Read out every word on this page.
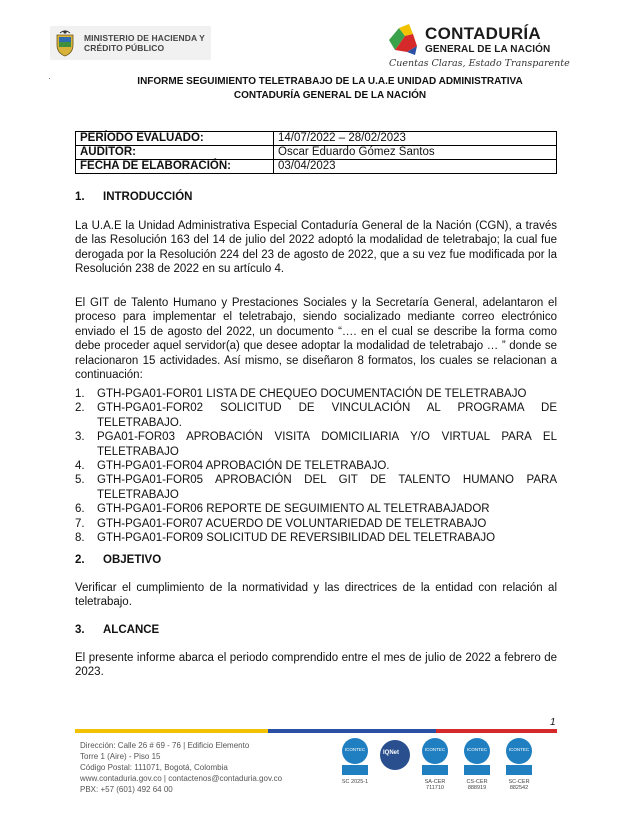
MINISTERIO DE HACIENDA Y
CRÉDITO PÚBLICO
CONTADURÍA
GENERAL DE LA NACIÓN
Cuentas Claras, Estado Transparente
·	INFORME SEGUIMIENTO TELETRABAJO DE LA U.A.E UNIDAD ADMINISTRATIVA
CONTADURÍA GENERAL DE LA NACIÓN
PERÍODO EVALUADO:	14/07/2022 – 28/02/2023
AUDITOR:	Oscar Eduardo Gómez Santos
FECHA DE ELABORACIÓN:	03/04/2023
1.	INTRODUCCIÓN

La U.A.E la Unidad Administrativa Especial Contaduría General de la Nación (CGN), a través de las Resolución 163 del 14 de julio del 2022 adoptó la modalidad de teletrabajo; la cual fue derogada por la Resolución 224 del 23 de agosto de 2022, que a su vez fue modificada por la Resolución 238 de 2022 en su artículo 4.

El GIT de Talento Humano y Prestaciones Sociales y la Secretaría General, adelantaron el proceso para implementar el teletrabajo, siendo socializado mediante correo electrónico enviado el 15 de agosto del 2022, un documento “…. en el cual se describe la forma como debe proceder aquel servidor(a) que desee adoptar la modalidad de teletrabajo … ” donde se relacionaron 15 actividades. Así mismo, se diseñaron 8 formatos, los cuales se relacionan a continuación:

1.	GTH-PGA01-FOR01 LISTA DE CHEQUEO DOCUMENTACIÓN DE TELETRABAJO
2.	GTH-PGA01-FOR02 SOLICITUD DE VINCULACIÓN AL PROGRAMA DE TELETRABAJO.
3.	PGA01-FOR03 APROBACIÓN VISITA DOMICILIARIA Y/O VIRTUAL PARA EL TELETRABAJO
4.	GTH-PGA01-FOR04 APROBACIÓN DE TELETRABAJO.
5.	GTH-PGA01-FOR05 APROBACIÓN DEL GIT DE TALENTO HUMANO PARA TELETRABAJO
6.	GTH-PGA01-FOR06 REPORTE DE SEGUIMIENTO AL TELETRABAJADOR
7.	GTH-PGA01-FOR07 ACUERDO DE VOLUNTARIEDAD DE TELETRABAJO
8.	GTH-PGA01-FOR09 SOLICITUD DE REVERSIBILIDAD DEL TELETRABAJO
2.	OBJETIVO

Verificar el cumplimiento de la normatividad y las directrices de la entidad con relación al teletrabajo.

3.	ALCANCE

El presente informe abarca el periodo comprendido entre el mes de julio de 2022 a febrero de 2023.

1
Dirección: Calle 26 # 69 - 76 | Edificio Elemento
Torre 1 (Aire) - Piso 15
Código Postal: 111071, Bogotá, Colombia
www.contaduria.gov.co | contactenos@contaduria.gov.co
PBX: +57 (601) 492 64 00
ICONTEC
SC 2025-1
IQNet
ICONTEC
SA-CER 711710
ICONTEC
CS-CER 888919
ICONTEC
SC-CER 882542
